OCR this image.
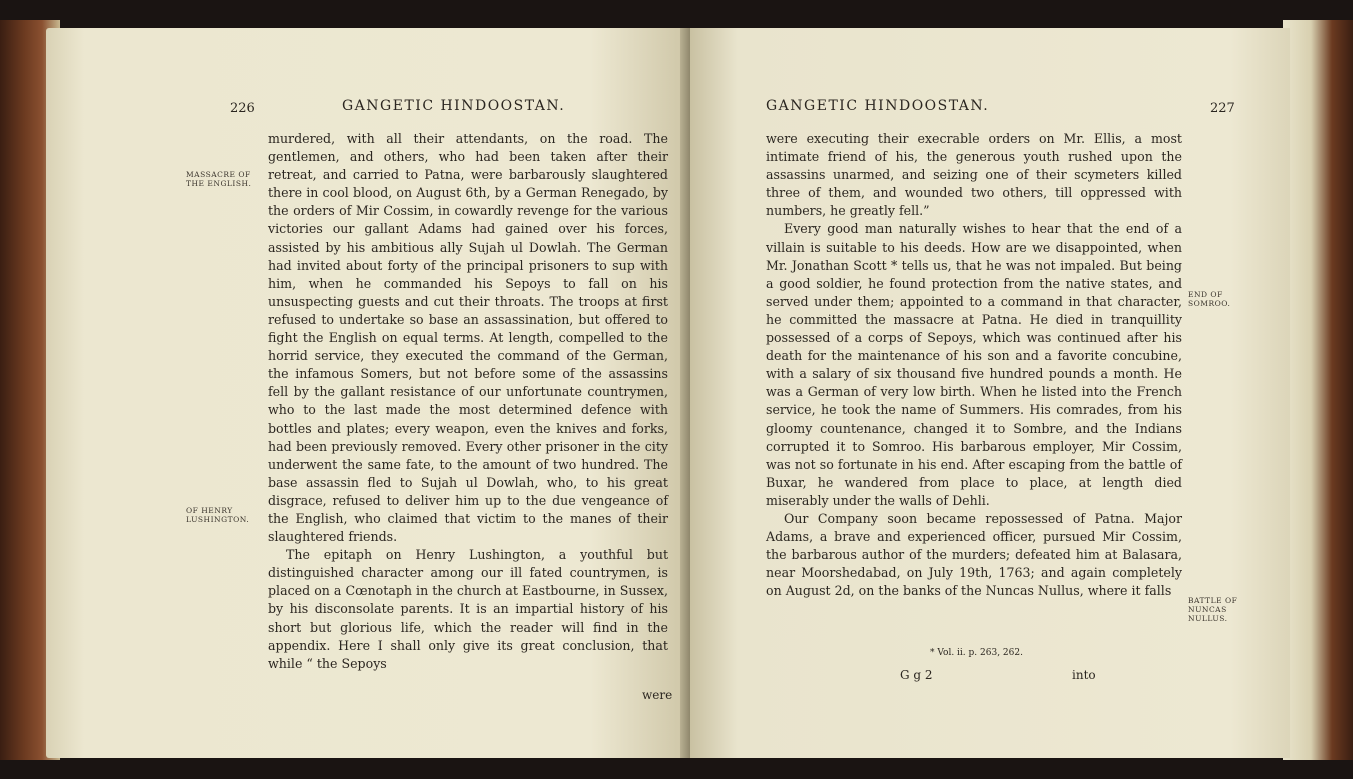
226	GANGETIC HINDOOSTAN.
MASSACRE OF THE ENGLISH.
OF HENRY LUSHINGTON.

murdered, with all their attendants, on the road. The gentlemen, and others, who had been taken after their retreat, and carried to Patna, were barbarously slaughtered there in cool blood, on August 6th, by a German Renegado, by the orders of Mir Cossim, in cowardly revenge for the various victories our gallant Adams had gained over his forces, assisted by his ambitious ally Sujah ul Dowlah. The German had invited about forty of the principal prisoners to sup with him, when he commanded his Sepoys to fall on his unsuspecting guests and cut their throats. The troops at first refused to undertake so base an assassination, but offered to fight the English on equal terms. At length, compelled to the horrid service, they executed the command of the German, the infamous Somers, but not before some of the assassins fell by the gallant resistance of our unfortunate countrymen, who to the last made the most determined defence with bottles and plates; every weapon, even the knives and forks, had been previously removed. Every other prisoner in the city underwent the same fate, to the amount of two hundred. The base assassin fled to Sujah ul Dowlah, who, to his great disgrace, refused to deliver him up to the due vengeance of the English, who claimed that victim to the manes of their slaughtered friends.

The epitaph on Henry Lushington, a youthful but distinguished character among our ill fated countrymen, is placed on a Cœnotaph in the church at Eastbourne, in Sussex, by his disconsolate parents. It is an impartial history of his short but glorious life, which the reader will find in the appendix. Here I shall only give its great conclusion, that while “ the Sepoys

were
GANGETIC HINDOOSTAN.	227

were executing their execrable orders on Mr. Ellis, a most intimate friend of his, the generous youth rushed upon the assassins unarmed, and seizing one of their scymeters killed three of them, and wounded two others, till oppressed with numbers, he greatly fell.”

Every good man naturally wishes to hear that the end of a villain is suitable to his deeds. How are we disappointed, when Mr. Jonathan Scott * tells us, that he was not impaled. But being a good soldier, he found protection from the native states, and served under them; appointed to a command in that character, he committed the massacre at Patna. He died in tranquillity possessed of a corps of Sepoys, which was continued after his death for the maintenance of his son and a favorite concubine, with a salary of six thousand five hundred pounds a month. He was a German of very low birth. When he listed into the French service, he took the name of Summers. His comrades, from his gloomy countenance, changed it to Sombre, and the Indians corrupted it to Somroo. His barbarous employer, Mir Cossim, was not so fortunate in his end. After escaping from the battle of Buxar, he wandered from place to place, at length died miserably under the walls of Dehli.

Our Company soon became repossessed of Patna. Major Adams, a brave and experienced officer, pursued Mir Cossim, the barbarous author of the murders; defeated him at Balasara, near Moorshedabad, on July 19th, 1763; and again completely on August 2d, on the banks of the Nuncas Nullus, where it falls

END OF SOMROO.
BATTLE OF NUNCAS NULLUS.
* Vol. ii. p. 263, 262.
G g 2	into
